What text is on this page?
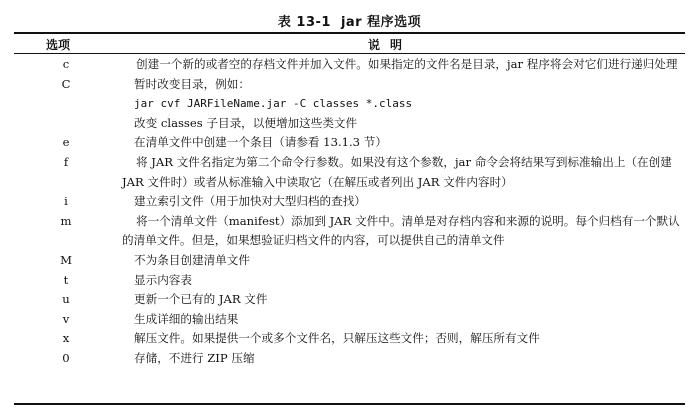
表 13-1 jar 程序选项
选项	说明
c	创建一个新的或者空的存档文件并加入文件。如果指定的文件名是目录，jar 程序将会对它们进行递归处理
C	暂时改变目录，例如：
jar cvf JARFileName.jar -C classes *.class
改变 classes 子目录，以便增加这些类文件
e	在清单文件中创建一个条目（请参看 13.1.3 节）
f	将 JAR 文件名指定为第二个命令行参数。如果没有这个参数，jar 命令会将结果写到标准输出上（在创建 JAR 文件时）或者从标准输入中读取它（在解压或者列出 JAR 文件内容时）
i	建立索引文件（用于加快对大型归档的查找）
m	将一个清单文件（manifest）添加到 JAR 文件中。清单是对存档内容和来源的说明。每个归档有一个默认的清单文件。但是，如果想验证归档文件的内容，可以提供自己的清单文件
M	不为条目创建清单文件
t	显示内容表
u	更新一个已有的 JAR 文件
v	生成详细的输出结果
x	解压文件。如果提供一个或多个文件名，只解压这些文件；否则，解压所有文件
0	存储，不进行 ZIP 压缩
